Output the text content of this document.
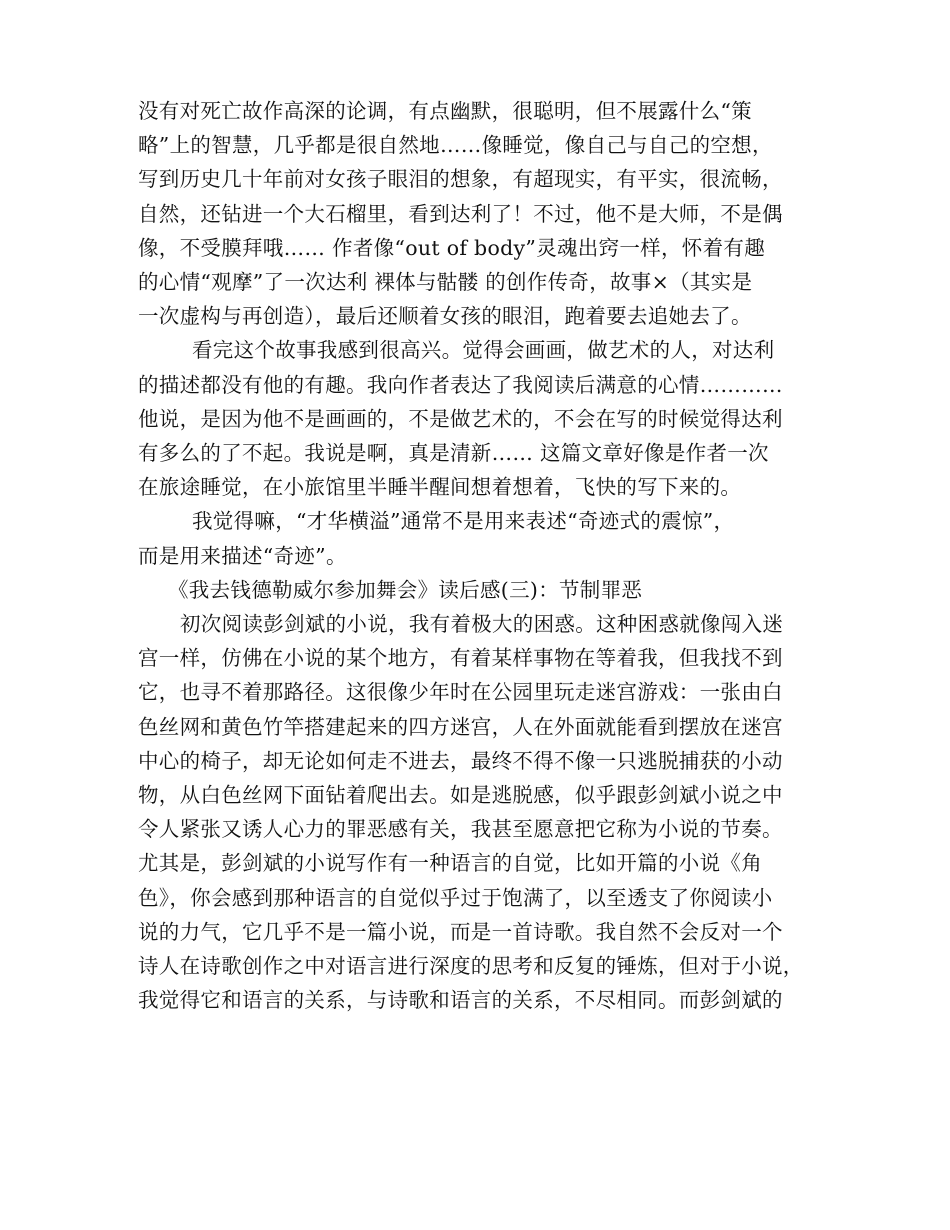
没有对死亡故作高深的论调，有点幽默，很聪明，但不展露什么“策
略”上的智慧，几乎都是很自然地……像睡觉，像自己与自己的空想，
写到历史几十年前对女孩子眼泪的想象，有超现实，有平实，很流畅，
自然，还钻进一个大石榴里，看到达利了！不过，他不是大师，不是偶
像，不受膜拜哦…… 作者像“out of body”灵魂出窍一样，怀着有趣
的心情“观摩”了一次达利 裸体与骷髅 的创作传奇，故事×（其实是
一次虚构与再创造），最后还顺着女孩的眼泪，跑着要去追她去了。
看完这个故事我感到很高兴。觉得会画画，做艺术的人，对达利
的描述都没有他的有趣。我向作者表达了我阅读后满意的心情…………
他说，是因为他不是画画的，不是做艺术的，不会在写的时候觉得达利
有多么的了不起。我说是啊，真是清新…… 这篇文章好像是作者一次
在旅途睡觉，在小旅馆里半睡半醒间想着想着，飞快的写下来的。
我觉得嘛，“才华横溢”通常不是用来表述“奇迹式的震惊”，
而是用来描述“奇迹”。
《我去钱德勒威尔参加舞会》读后感(三)：节制罪恶
初次阅读彭剑斌的小说，我有着极大的困惑。这种困惑就像闯入迷
宫一样，仿佛在小说的某个地方，有着某样事物在等着我，但我找不到
它，也寻不着那路径。这很像少年时在公园里玩走迷宫游戏：一张由白
色丝网和黄色竹竿搭建起来的四方迷宫，人在外面就能看到摆放在迷宫
中心的椅子，却无论如何走不进去，最终不得不像一只逃脱捕获的小动
物，从白色丝网下面钻着爬出去。如是逃脱感，似乎跟彭剑斌小说之中
令人紧张又诱人心力的罪恶感有关，我甚至愿意把它称为小说的节奏。
尤其是，彭剑斌的小说写作有一种语言的自觉，比如开篇的小说《角
色》，你会感到那种语言的自觉似乎过于饱满了，以至透支了你阅读小
说的力气，它几乎不是一篇小说，而是一首诗歌。我自然不会反对一个
诗人在诗歌创作之中对语言进行深度的思考和反复的锤炼，但对于小说，
我觉得它和语言的关系，与诗歌和语言的关系，不尽相同。而彭剑斌的
